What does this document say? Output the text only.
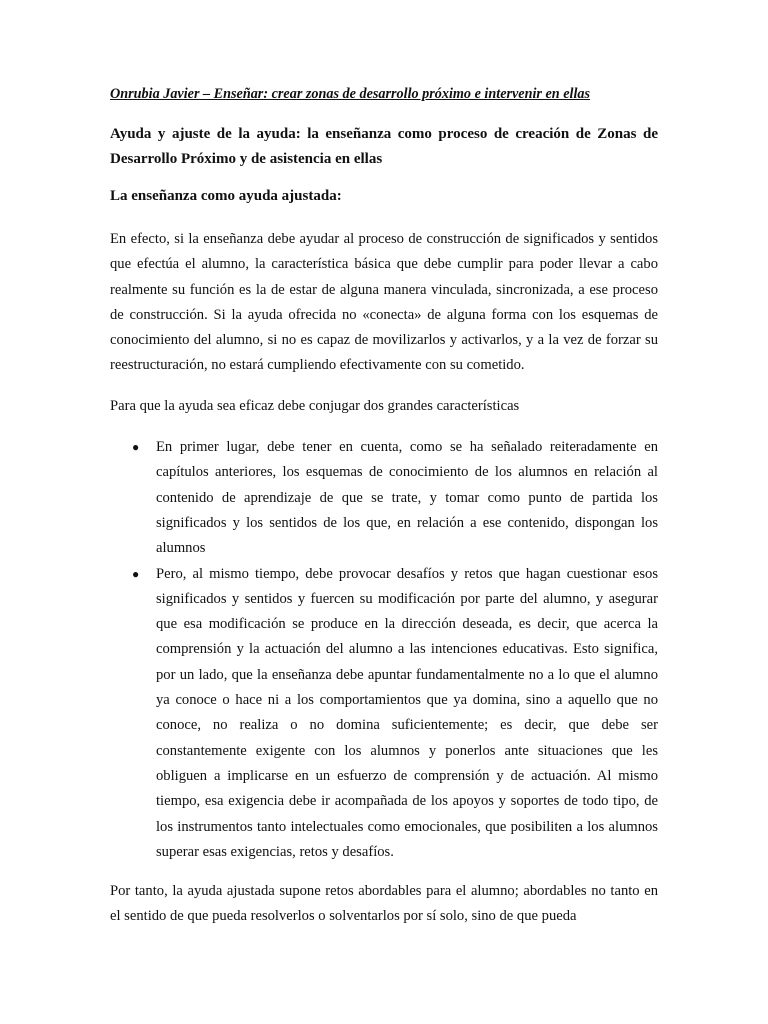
Onrubia Javier – Enseñar: crear zonas de desarrollo próximo e intervenir en ellas
Ayuda y ajuste de la ayuda: la enseñanza como proceso de creación de Zonas de Desarrollo Próximo y de asistencia en ellas
La enseñanza como ayuda ajustada:

En efecto, si la enseñanza debe ayudar al proceso de construcción de significados y sentidos que efectúa el alumno, la característica básica que debe cumplir para poder llevar a cabo realmente su función es la de estar de alguna manera vinculada, sincronizada, a ese proceso de construcción. Si la ayuda ofrecida no «conecta» de alguna forma con los esquemas de conocimiento del alumno, si no es capaz de movilizarlos y activarlos, y a la vez de forzar su reestructuración, no estará cumpliendo efectivamente con su cometido.

Para que la ayuda sea eficaz debe conjugar dos grandes características

● En primer lugar, debe tener en cuenta, como se ha señalado reiteradamente en capítulos anteriores, los esquemas de conocimiento de los alumnos en relación al contenido de aprendizaje de que se trate, y tomar como punto de partida los significados y los sentidos de los que, en relación a ese contenido, dispongan los alumnos
● Pero, al mismo tiempo, debe provocar desafíos y retos que hagan cuestionar esos significados y sentidos y fuercen su modificación por parte del alumno, y asegurar que esa modificación se produce en la dirección deseada, es decir, que acerca la comprensión y la actuación del alumno a las intenciones educativas. Esto significa, por un lado, que la enseñanza debe apuntar fundamentalmente no a lo que el alumno ya conoce o hace ni a los comportamientos que ya domina, sino a aquello que no conoce, no realiza o no domina suficientemente; es decir, que debe ser constantemente exigente con los alumnos y ponerlos ante situaciones que les obliguen a implicarse en un esfuerzo de comprensión y de actuación. Al mismo tiempo, esa exigencia debe ir acompañada de los apoyos y soportes de todo tipo, de los instrumentos tanto intelectuales como emocionales, que posibiliten a los alumnos superar esas exigencias, retos y desafíos.

Por tanto, la ayuda ajustada supone retos abordables para el alumno; abordables no tanto en el sentido de que pueda resolverlos o solventarlos por sí solo, sino de que pueda
